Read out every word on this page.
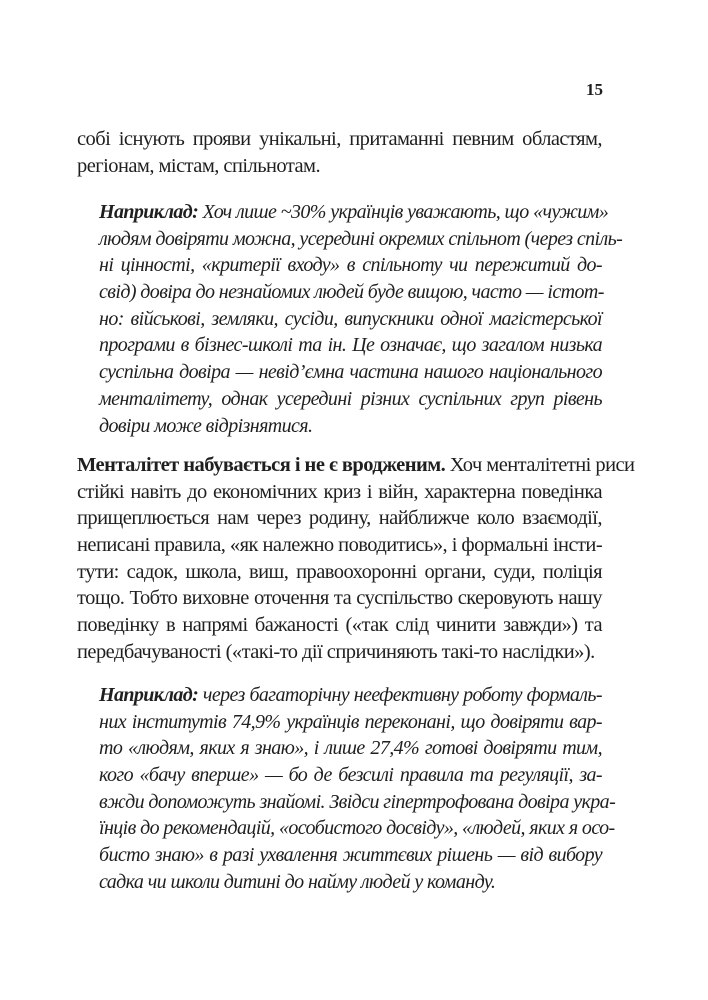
15
собі існують прояви унікальні, притаманні певним областям,
регіонам, містам, спільнотам.
Наприклад: Хоч лише ~30% українців уважають, що «чужим»
людям довіряти можна, усередині окремих спільнот (через спіль-
ні цінності, «критерії входу» в спільноту чи пережитий до-
свід) довіра до незнайомих людей буде вищою, часто — істот-
но: військові, земляки, сусіди, випускники одної магістерської
програми в бізнес-школі та ін. Це означає, що загалом низька
суспільна довіра — невід’ємна частина нашого національного
менталітету, однак усередині різних суспільних груп рівень
довіри може відрізнятися.
Менталітет набувається і не є вродженим. Хоч менталітетні риси
стійкі навіть до економічних криз і війн, характерна поведінка
прищеплюється нам через родину, найближче коло взаємодії,
неписані правила, «як належно поводитись», і формальні інсти-
тути: садок, школа, виш, правоохоронні органи, суди, поліція
тощо. Тобто виховне оточення та суспільство скеровують нашу
поведінку в напрямі бажаності («так слід чинити завжди») та
передбачуваності («такі-то дії спричиняють такі-то наслідки»).
Наприклад: через багаторічну неефективну роботу формаль-
них інститутів 74,9% українців переконані, що довіряти вар-
то «людям, яких я знаю», і лише 27,4% готові довіряти тим,
кого «бачу вперше» — бо де безсилі правила та регуляції, за-
вжди допоможуть знайомі. Звідси гіпертрофована довіра укра-
їнців до рекомендацій, «особистого досвіду», «людей, яких я осо-
бисто знаю» в разі ухвалення життєвих рішень — від вибору
садка чи школи дитині до найму людей у команду.
